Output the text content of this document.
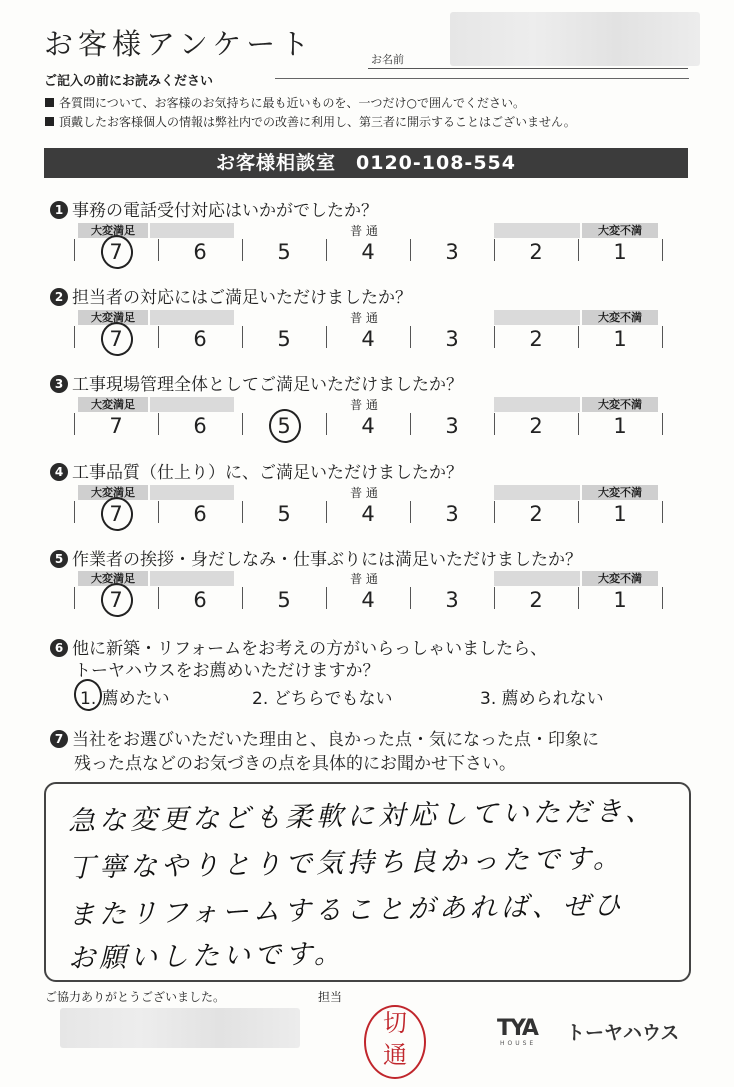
お客様アンケート	お名前
ご記入の前にお読みください
各質問について、お客様のお気持ちに最も近いものを、一つだけ○で囲んでください。
頂戴したお客様個人の情報は弊社内での改善に利用し、第三者に開示することはございません。
お客様相談室　0120-108-554
1 事務の電話受付対応はいかがでしたか？
大変満足	普 通	大変不満
7	6	5	4	3	2	1
2 担当者の対応にはご満足いただけましたか？
大変満足	普 通	大変不満
7	6	5	4	3	2	1
3 工事現場管理全体としてご満足いただけましたか？
大変満足	普 通	大変不満
7	6	5	4	3	2	1
4 工事品質（仕上り）に、ご満足いただけましたか？
大変満足	普 通	大変不満
7	6	5	4	3	2	1
5 作業者の挨拶・身だしなみ・仕事ぶりには満足いただけましたか？
大変満足	普 通	大変不満
7	6	5	4	3	2	1
6 他に新築・リフォームをお考えの方がいらっしゃいましたら、
トーヤハウスをお薦めいただけますか？
1. 薦めたい	2. どちらでもない	3. 薦められない
7 当社をお選びいただいた理由と、良かった点・気になった点・印象に
残った点などのお気づきの点を具体的にお聞かせ下さい。
急な変更なども柔軟に対応していただき、
丁寧なやりとりで気持ち良かったです。
またリフォームすることがあれば、ぜひ
お願いしたいです。
ご協力ありがとうございました。	担当
切
通
TYA
HOUSE トーヤハウス
